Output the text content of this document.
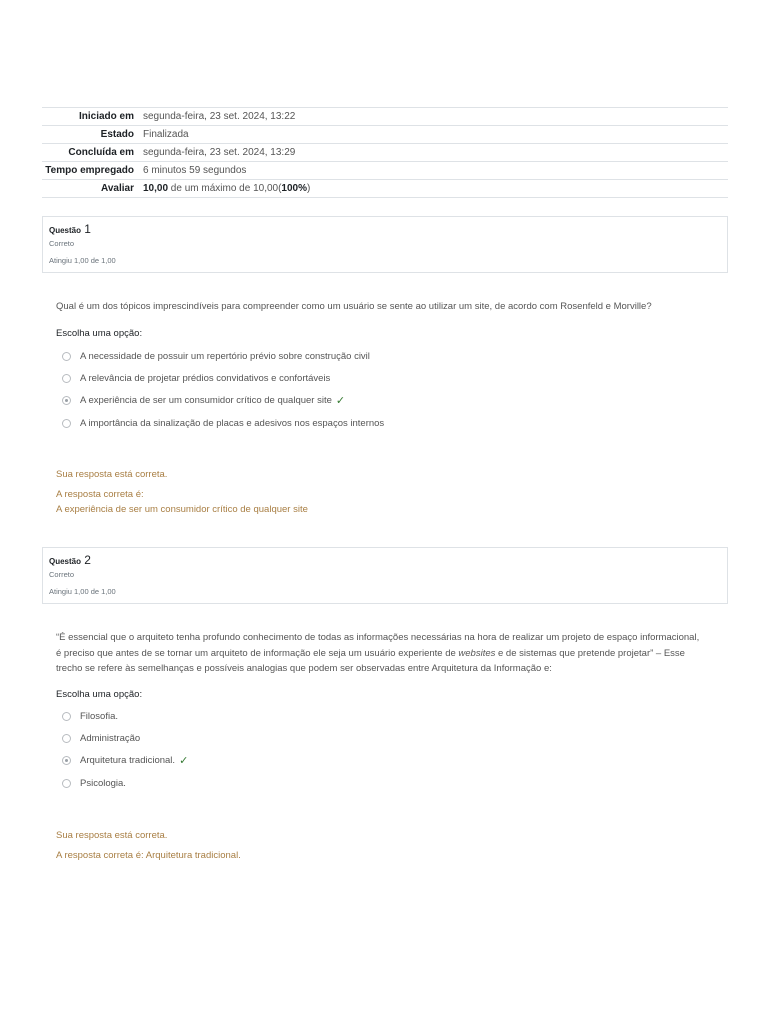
Iniciado em segunda-feira, 23 set. 2024, 13:22
Estado Finalizada
Concluída em segunda-feira, 23 set. 2024, 13:29
Tempo empregado 6 minutos 59 segundos
Avaliar 10,00 de um máximo de 10,00(100%)
Questão 1
Correto
Atingiu 1,00 de 1,00
Qual é um dos tópicos imprescindíveis para compreender como um usuário se sente ao utilizar um site, de acordo com Rosenfeld e Morville?
Escolha uma opção:
A necessidade de possuir um repertório prévio sobre construção civil
A relevância de projetar prédios convidativos e confortáveis
A experiência de ser um consumidor crítico de qualquer site ✓
A importância da sinalização de placas e adesivos nos espaços internos
Sua resposta está correta.
A resposta correta é:
A experiência de ser um consumidor crítico de qualquer site
Questão 2
Correto
Atingiu 1,00 de 1,00
“É essencial que o arquiteto tenha profundo conhecimento de todas as informações necessárias na hora de realizar um projeto de espaço informacional, é preciso que antes de se tornar um arquiteto de informação ele seja um usuário experiente de websites e de sistemas que pretende projetar” – Esse trecho se refere às semelhanças e possíveis analogias que podem ser observadas entre Arquitetura da Informação e:
Escolha uma opção:
Filosofia.
Administração
Arquitetura tradicional. ✓
Psicologia.
Sua resposta está correta.
A resposta correta é: Arquitetura tradicional.
